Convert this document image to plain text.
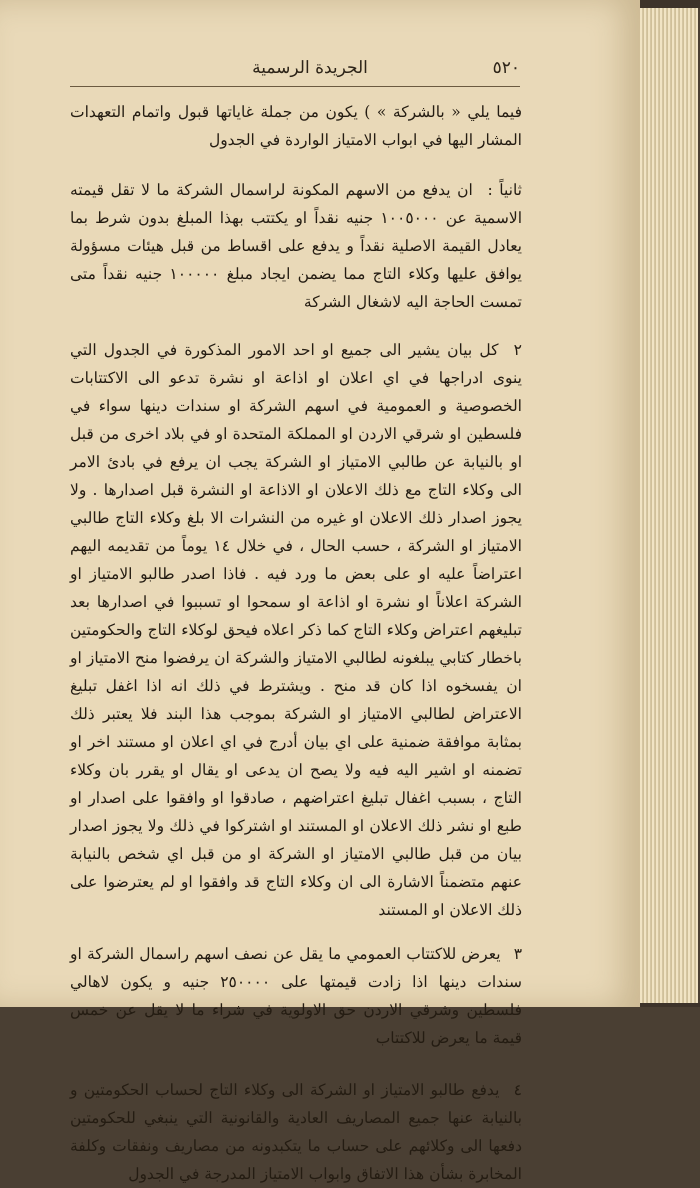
٥٢٠
الجريدة الرسمية

فيما يلي « بالشركة » ) يكون من جملة غاياتها قبول واتمام التعهدات المشار اليها في ابواب الامتياز الواردة في الجدول

ثانياً : ان يدفع من الاسهم المكونة لراسمال الشركة ما لا تقل قيمته الاسمية عن ١٠٠٥٠٠٠ جنيه نقداً او يكتتب بهذا المبلغ بدون شرط بما يعادل القيمة الاصلية نقداً و يدفع على اقساط من قبل هيئات مسؤولة يوافق عليها وكلاء التاج مما يضمن ايجاد مبلغ ١٠٠٠٠٠ جنيه نقداً متى تمست الحاجة اليه لاشغال الشركة

٢ كل بيان يشير الى جميع او احد الامور المذكورة في الجدول التي ينوى ادراجها في اي اعلان او اذاعة او نشرة تدعو الى الاكتتابات الخصوصية و العمومية في اسهم الشركة او سندات دينها سواء في فلسطين او شرقي الاردن او المملكة المتحدة او في بلاد اخرى من قبل او بالنيابة عن طالبي الامتياز او الشركة يجب ان يرفع في بادئ الامر الى وكلاء التاج مع ذلك الاعلان او الاذاعة او النشرة قبل اصدارها . ولا يجوز اصدار ذلك الاعلان او غيره من النشرات الا بلغ وكلاء التاج طالبي الامتياز او الشركة ، حسب الحال ، في خلال ١٤ يوماً من تقديمه اليهم اعتراضاً عليه او على بعض ما ورد فيه . فاذا اصدر طالبو الامتياز او الشركة اعلاناً او نشرة او اذاعة او سمحوا او تسببوا في اصدارها بعد تبليغهم اعتراض وكلاء التاج كما ذكر اعلاه فيحق لوكلاء التاج والحكومتين باخطار كتابي يبلغونه لطالبي الامتياز والشركة ان يرفضوا منح الامتياز او ان يفسخوه اذا كان قد منح . ويشترط في ذلك انه اذا اغفل تبليغ الاعتراض لطالبي الامتياز او الشركة بموجب هذا البند فلا يعتبر ذلك بمثابة موافقة ضمنية على اي بيان أدرج في اي اعلان او مستند اخر او تضمنه او اشير اليه فيه ولا يصح ان يدعى او يقال او يقرر بان وكلاء التاج ، بسبب اغفال تبليغ اعتراضهم ، صادقوا او وافقوا على اصدار او طبع او نشر ذلك الاعلان او المستند او اشتركوا في ذلك ولا يجوز اصدار بيان من قبل طالبي الامتياز او الشركة او من قبل اي شخص بالنيابة عنهم متضمناً الاشارة الى ان وكلاء التاج قد وافقوا او لم يعترضوا على ذلك الاعلان او المستند

٣ يعرض للاكتتاب العمومي ما يقل عن نصف اسهم راسمال الشركة او سندات دينها اذا زادت قيمتها على ٢٥٠٠٠٠ جنيه و يكون لاهالي فلسطين وشرقي الاردن حق الاولوية في شراء ما لا يقل عن خمس قيمة ما يعرض للاكتتاب

٤ يدفع طالبو الامتياز او الشركة الى وكلاء التاج لحساب الحكومتين و بالنيابة عنها جميع المصاريف العادية والقانونية التي ينبغي للحكومتين دفعها الى وكلائهم على حساب ما يتكبدونه من مصاريف ونفقات وكلفة المخابرة بشأن هذا الاتفاق وابواب الامتياز المدرجة في الجدول
